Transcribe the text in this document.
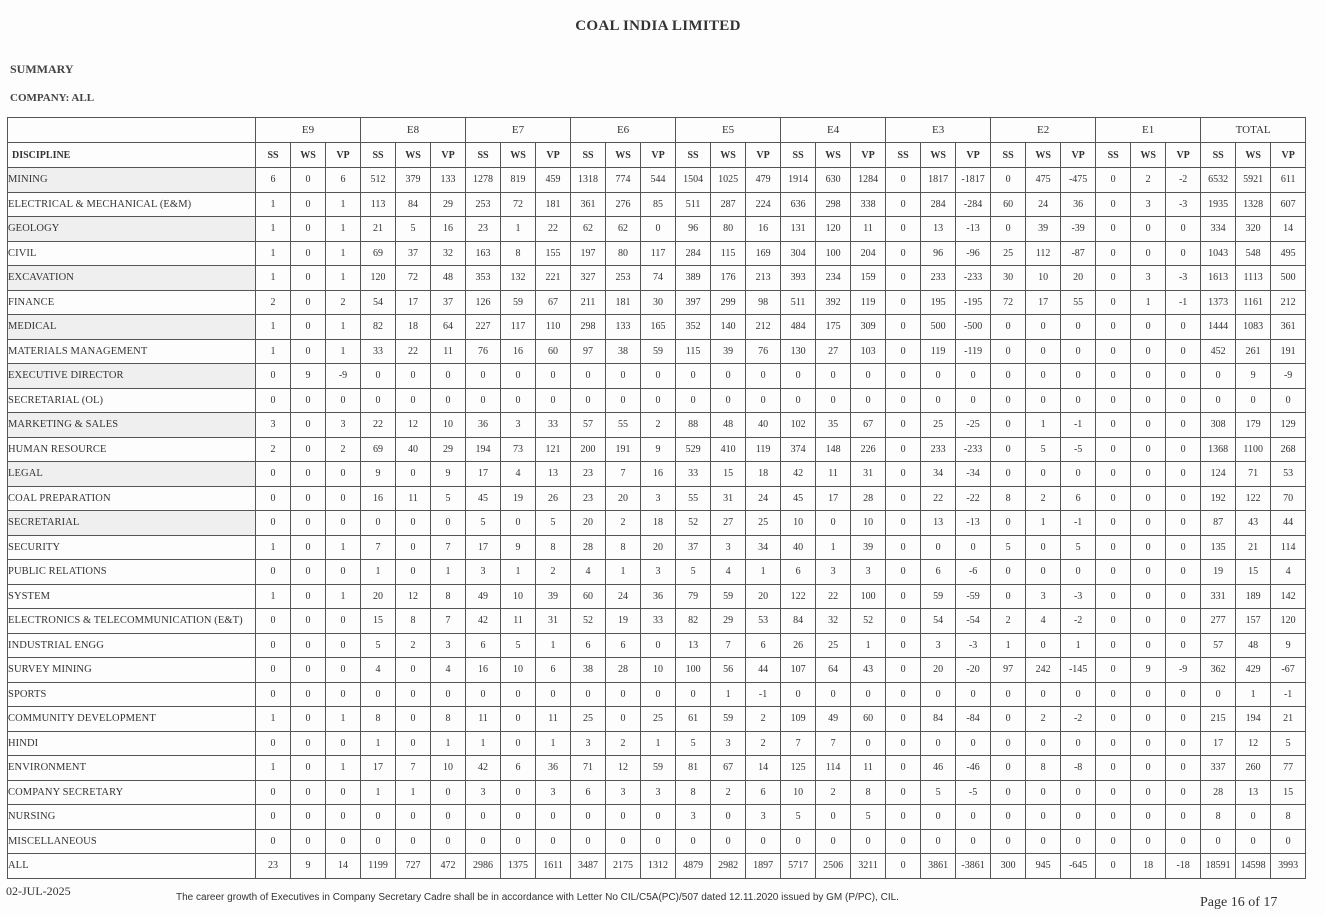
COAL INDIA LIMITED
SUMMARY
COMPANY: ALL
	E9			E8			E7			E6			E5			E4			E3			E2			E1			TOTAL		
DISCIPLINE	SS	WS	VP	SS	WS	VP	SS	WS	VP	SS	WS	VP	SS	WS	VP	SS	WS	VP	SS	WS	VP	SS	WS	VP	SS	WS	VP	SS	WS	VP
MINING	6	0	6	512	379	133	1278	819	459	1318	774	544	1504	1025	479	1914	630	1284	0	1817	-1817	0	475	-475	0	2	-2	6532	5921	611
ELECTRICAL & MECHANICAL (E&M)	1	0	1	113	84	29	253	72	181	361	276	85	511	287	224	636	298	338	0	284	-284	60	24	36	0	3	-3	1935	1328	607
GEOLOGY	1	0	1	21	5	16	23	1	22	62	62	0	96	80	16	131	120	11	0	13	-13	0	39	-39	0	0	0	334	320	14
CIVIL	1	0	1	69	37	32	163	8	155	197	80	117	284	115	169	304	100	204	0	96	-96	25	112	-87	0	0	0	1043	548	495
EXCAVATION	1	0	1	120	72	48	353	132	221	327	253	74	389	176	213	393	234	159	0	233	-233	30	10	20	0	3	-3	1613	1113	500
FINANCE	2	0	2	54	17	37	126	59	67	211	181	30	397	299	98	511	392	119	0	195	-195	72	17	55	0	1	-1	1373	1161	212
MEDICAL	1	0	1	82	18	64	227	117	110	298	133	165	352	140	212	484	175	309	0	500	-500	0	0	0	0	0	0	1444	1083	361
MATERIALS MANAGEMENT	1	0	1	33	22	11	76	16	60	97	38	59	115	39	76	130	27	103	0	119	-119	0	0	0	0	0	0	452	261	191
EXECUTIVE DIRECTOR	0	9	-9	0	0	0	0	0	0	0	0	0	0	0	0	0	0	0	0	0	0	0	0	0	0	0	0	0	9	-9
SECRETARIAL (OL)	0	0	0	0	0	0	0	0	0	0	0	0	0	0	0	0	0	0	0	0	0	0	0	0	0	0	0	0	0	0
MARKETING & SALES	3	0	3	22	12	10	36	3	33	57	55	2	88	48	40	102	35	67	0	25	-25	0	1	-1	0	0	0	308	179	129
HUMAN RESOURCE	2	0	2	69	40	29	194	73	121	200	191	9	529	410	119	374	148	226	0	233	-233	0	5	-5	0	0	0	1368	1100	268
LEGAL	0	0	0	9	0	9	17	4	13	23	7	16	33	15	18	42	11	31	0	34	-34	0	0	0	0	0	0	124	71	53
COAL PREPARATION	0	0	0	16	11	5	45	19	26	23	20	3	55	31	24	45	17	28	0	22	-22	8	2	6	0	0	0	192	122	70
SECRETARIAL	0	0	0	0	0	0	5	0	5	20	2	18	52	27	25	10	0	10	0	13	-13	0	1	-1	0	0	0	87	43	44
SECURITY	1	0	1	7	0	7	17	9	8	28	8	20	37	3	34	40	1	39	0	0	0	5	0	5	0	0	0	135	21	114
PUBLIC RELATIONS	0	0	0	1	0	1	3	1	2	4	1	3	5	4	1	6	3	3	0	6	-6	0	0	0	0	0	0	19	15	4
SYSTEM	1	0	1	20	12	8	49	10	39	60	24	36	79	59	20	122	22	100	0	59	-59	0	3	-3	0	0	0	331	189	142
ELECTRONICS & TELECOMMUNICATION (E&T)	0	0	0	15	8	7	42	11	31	52	19	33	82	29	53	84	32	52	0	54	-54	2	4	-2	0	0	0	277	157	120
INDUSTRIAL ENGG	0	0	0	5	2	3	6	5	1	6	6	0	13	7	6	26	25	1	0	3	-3	1	0	1	0	0	0	57	48	9
SURVEY MINING	0	0	0	4	0	4	16	10	6	38	28	10	100	56	44	107	64	43	0	20	-20	97	242	-145	0	9	-9	362	429	-67
SPORTS	0	0	0	0	0	0	0	0	0	0	0	0	0	1	-1	0	0	0	0	0	0	0	0	0	0	0	0	0	1	-1
COMMUNITY DEVELOPMENT	1	0	1	8	0	8	11	0	11	25	0	25	61	59	2	109	49	60	0	84	-84	0	2	-2	0	0	0	215	194	21
HINDI	0	0	0	1	0	1	1	0	1	3	2	1	5	3	2	7	7	0	0	0	0	0	0	0	0	0	0	17	12	5
ENVIRONMENT	1	0	1	17	7	10	42	6	36	71	12	59	81	67	14	125	114	11	0	46	-46	0	8	-8	0	0	0	337	260	77
COMPANY SECRETARY	0	0	0	1	1	0	3	0	3	6	3	3	8	2	6	10	2	8	0	5	-5	0	0	0	0	0	0	28	13	15
NURSING	0	0	0	0	0	0	0	0	0	0	0	0	3	0	3	5	0	5	0	0	0	0	0	0	0	0	0	8	0	8
MISCELLANEOUS	0	0	0	0	0	0	0	0	0	0	0	0	0	0	0	0	0	0	0	0	0	0	0	0	0	0	0	0	0	0
ALL	23	9	14	1199	727	472	2986	1375	1611	3487	2175	1312	4879	2982	1897	5717	2506	3211	0	3861	-3861	300	945	-645	0	18	-18	18591	14598	3993
02-JUL-2025	The career growth of Executives in Company Secretary Cadre shall be in accordance with Letter No CIL/C5A(PC)/507 dated 12.11.2020 issued by GM (P/PC), CIL.	Page 16 of 17
